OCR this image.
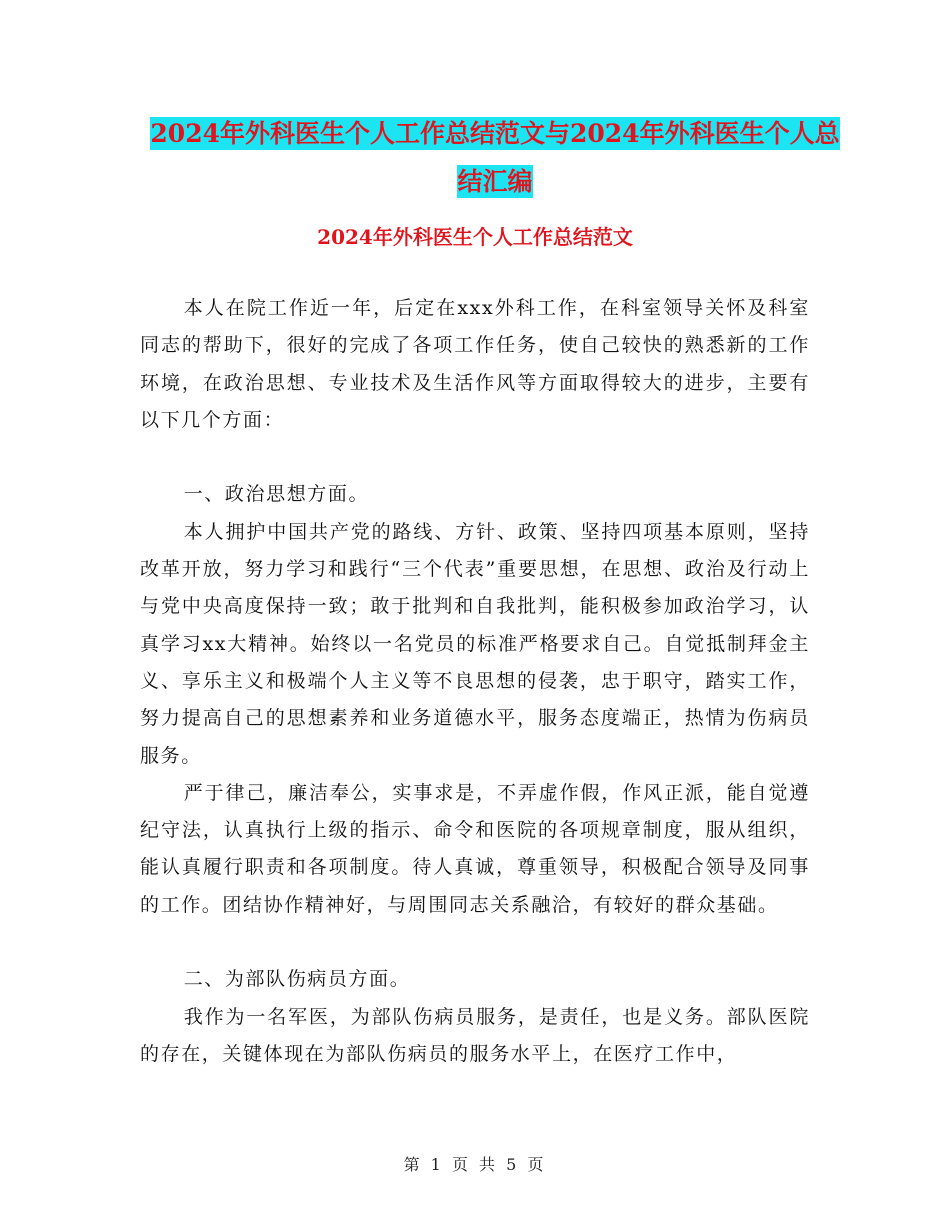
2024年外科医生个人工作总结范文与2024年外科医生个人总结汇编
2024年外科医生个人工作总结范文

本人在院工作近一年，后定在xxx外科工作，在科室领导关怀及科室同志的帮助下，很好的完成了各项工作任务，使自己较快的熟悉新的工作环境，在政治思想、专业技术及生活作风等方面取得较大的进步，主要有以下几个方面：

一、政治思想方面。

本人拥护中国共产党的路线、方针、政策、坚持四项基本原则，坚持改革开放，努力学习和践行“三个代表”重要思想，在思想、政治及行动上与党中央高度保持一致；敢于批判和自我批判，能积极参加政治学习，认真学习xx大精神。始终以一名党员的标准严格要求自己。自觉抵制拜金主义、享乐主义和极端个人主义等不良思想的侵袭，忠于职守，踏实工作，努力提高自己的思想素养和业务道德水平，服务态度端正，热情为伤病员服务。

严于律己，廉洁奉公，实事求是，不弄虚作假，作风正派，能自觉遵纪守法，认真执行上级的指示、命令和医院的各项规章制度，服从组织，能认真履行职责和各项制度。待人真诚，尊重领导，积极配合领导及同事的工作。团结协作精神好，与周围同志关系融洽，有较好的群众基础。

二、为部队伤病员方面。

我作为一名军医，为部队伤病员服务，是责任，也是义务。部队医院的存在，关键体现在为部队伤病员的服务水平上，在医疗工作中，

第 1 页 共 5 页
